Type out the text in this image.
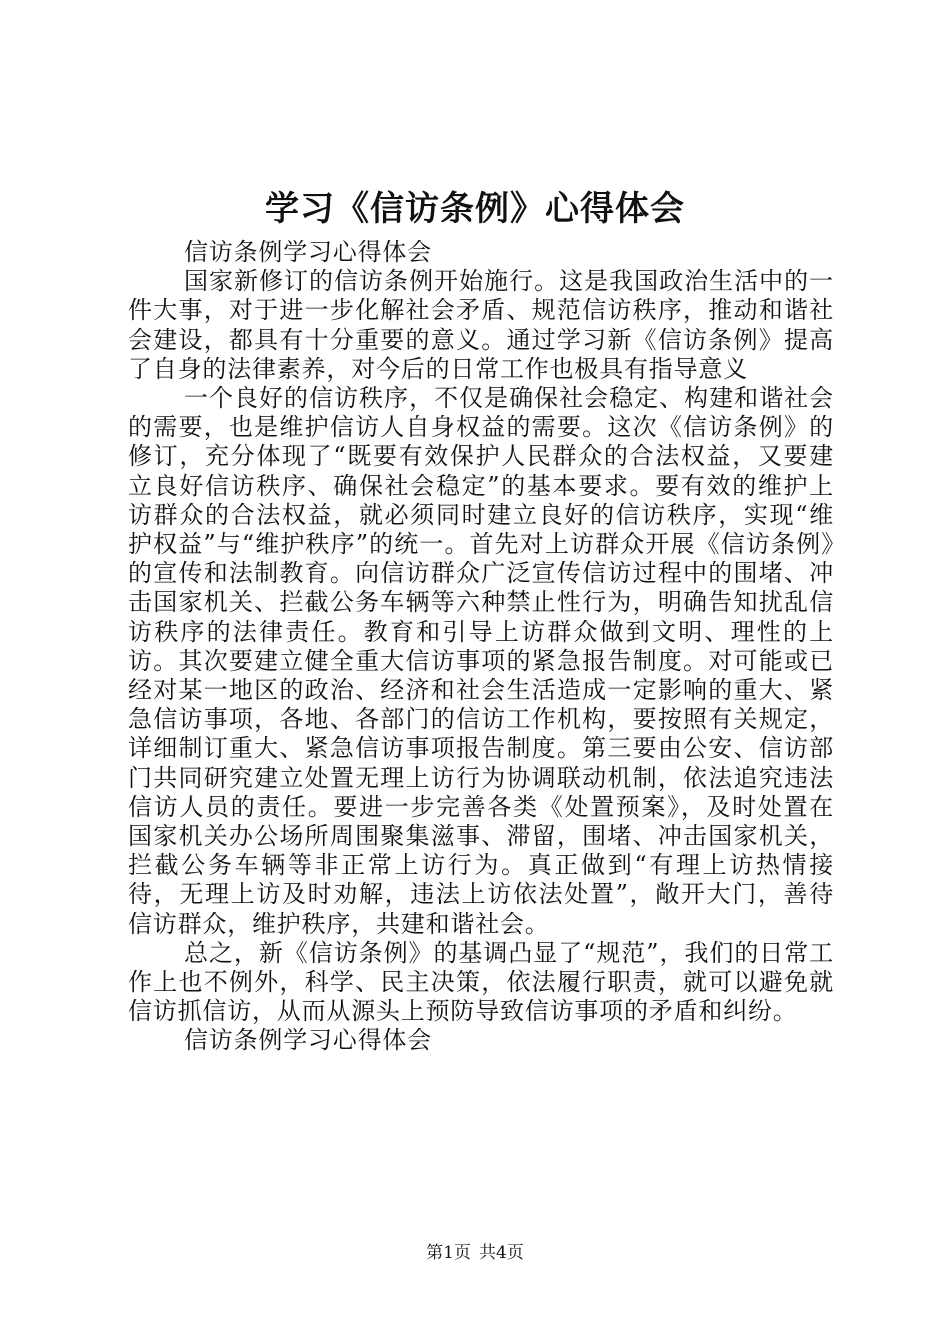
学习《信访条例》心得体会

信访条例学习心得体会

国家新修订的信访条例开始施行。这是我国政治生活中的一件大事，对于进一步化解社会矛盾、规范信访秩序，推动和谐社会建设，都具有十分重要的意义。通过学习新《信访条例》提高了自身的法律素养，对今后的日常工作也极具有指导意义

一个良好的信访秩序，不仅是确保社会稳定、构建和谐社会的需要，也是维护信访人自身权益的需要。这次《信访条例》的修订，充分体现了“既要有效保护人民群众的合法权益，又要建立良好信访秩序、确保社会稳定”的基本要求。要有效的维护上访群众的合法权益，就必须同时建立良好的信访秩序，实现“维护权益”与“维护秩序”的统一。首先对上访群众开展《信访条例》的宣传和法制教育。向信访群众广泛宣传信访过程中的围堵、冲击国家机关、拦截公务车辆等六种禁止性行为，明确告知扰乱信访秩序的法律责任。教育和引导上访群众做到文明、理性的上访。其次要建立健全重大信访事项的紧急报告制度。对可能或已经对某一地区的政治、经济和社会生活造成一定影响的重大、紧急信访事项，各地、各部门的信访工作机构，要按照有关规定，详细制订重大、紧急信访事项报告制度。第三要由公安、信访部门共同研究建立处置无理上访行为协调联动机制，依法追究违法信访人员的责任。要进一步完善各类《处置预案》，及时处置在国家机关办公场所周围聚集滋事、滞留，围堵、冲击国家机关，拦截公务车辆等非正常上访行为。真正做到“有理上访热情接待，无理上访及时劝解，违法上访依法处置”，敞开大门，善待信访群众，维护秩序，共建和谐社会。

总之，新《信访条例》的基调凸显了“规范”，我们的日常工作上也不例外，科学、民主决策，依法履行职责，就可以避免就信访抓信访，从而从源头上预防导致信访事项的矛盾和纠纷。

信访条例学习心得体会

第1页 共4页
